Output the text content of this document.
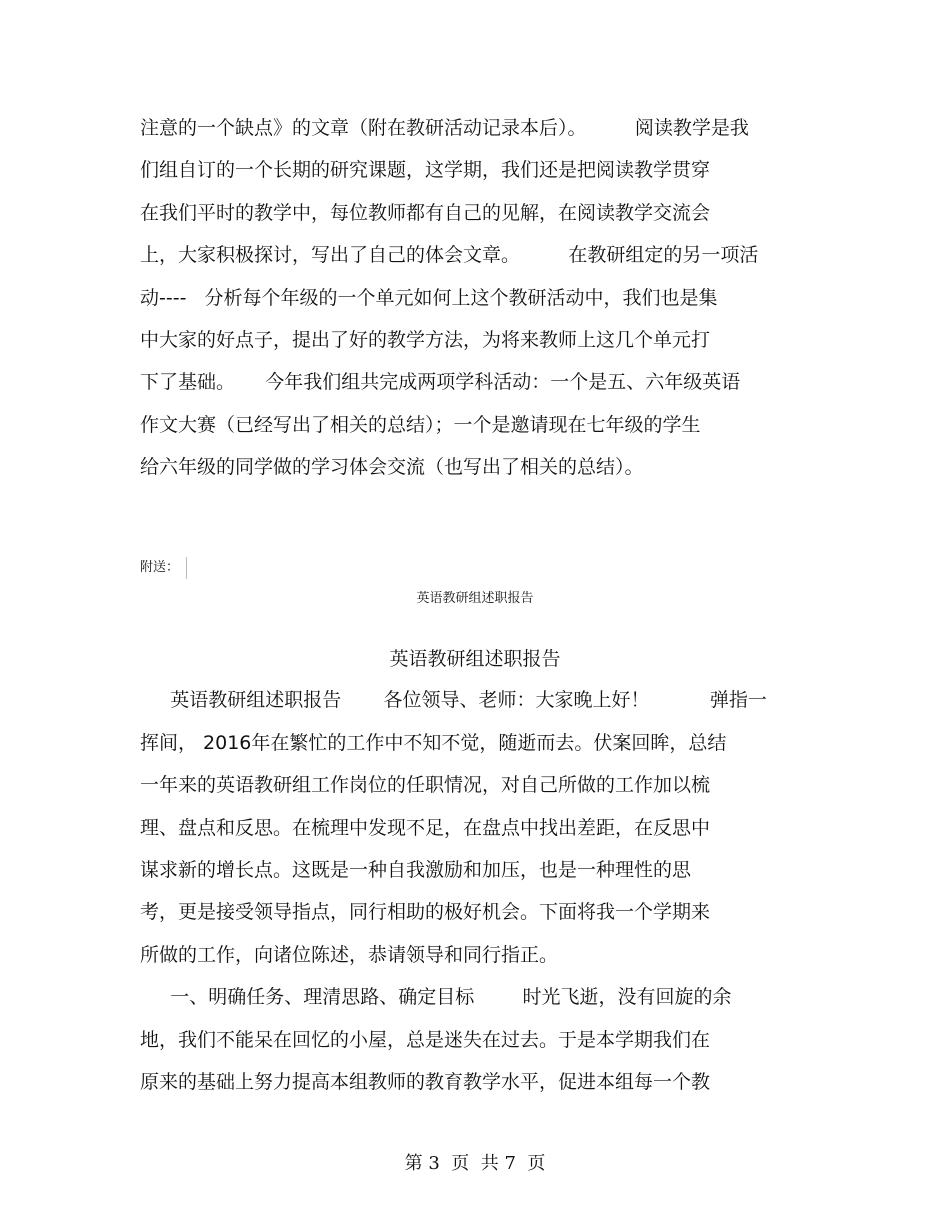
注意的一个缺点》的文章（附在教研活动记录本后）。        阅读教学是我
们组自订的一个长期的研究课题，这学期，我们还是把阅读教学贯穿
在我们平时的教学中，每位教师都有自己的见解，在阅读教学交流会
上，大家积极探讨，写出了自己的体会文章。        在教研组定的另一项活
动----   分析每个年级的一个单元如何上这个教研活动中，我们也是集
中大家的好点子，提出了好的教学方法，为将来教师上这几个单元打
下了基础。     今年我们组共完成两项学科活动：一个是五、六年级英语
作文大赛（已经写出了相关的总结）；一个是邀请现在七年级的学生
给六年级的同学做的学习体会交流（也写出了相关的总结）。
附送：
英语教研组述职报告
英语教研组述职报告
英语教研组述职报告       各位领导、老师：大家晚上好！          弹指一
挥间， 2016年在繁忙的工作中不知不觉，随逝而去。伏案回眸，总结
一年来的英语教研组工作岗位的任职情况，对自己所做的工作加以梳
理、盘点和反思。在梳理中发现不足，在盘点中找出差距，在反思中
谋求新的增长点。这既是一种自我激励和加压，也是一种理性的思
考，更是接受领导指点，同行相助的极好机会。下面将我一个学期来
所做的工作，向诸位陈述，恭请领导和同行指正。
一、明确任务、理清思路、确定目标        时光飞逝，没有回旋的余
地，我们不能呆在回忆的小屋，总是迷失在过去。于是本学期我们在
原来的基础上努力提高本组教师的教育教学水平，促进本组每一个教
第 3  页  共 7  页
